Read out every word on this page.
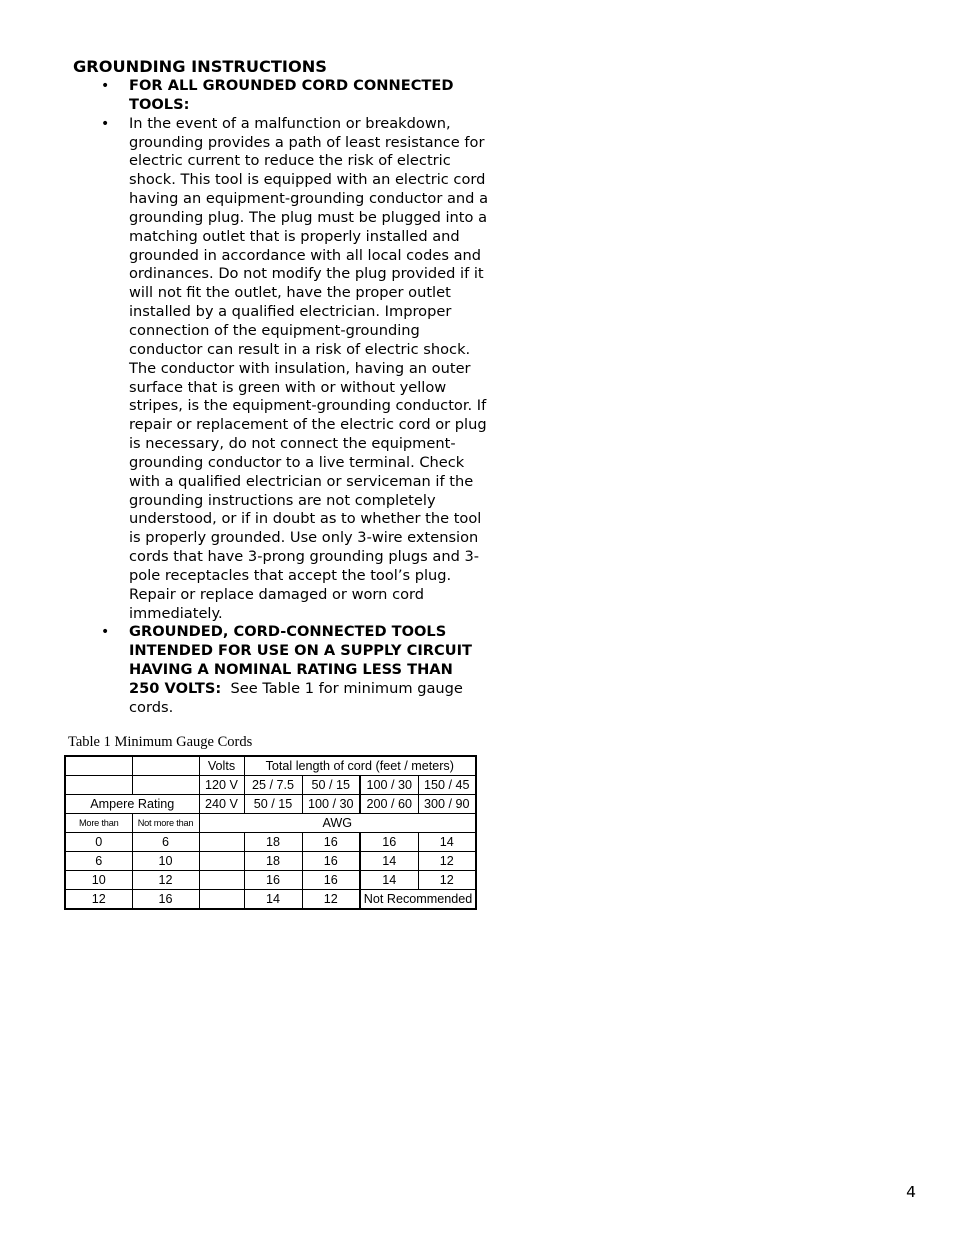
GROUNDING INSTRUCTIONS
• FOR ALL GROUNDED CORD CONNECTED
TOOLS:
• In the event of a malfunction or breakdown,
grounding provides a path of least resistance for
electric current to reduce the risk of electric
shock. This tool is equipped with an electric cord
having an equipment-grounding conductor and a
grounding plug. The plug must be plugged into a
matching outlet that is properly installed and
grounded in accordance with all local codes and
ordinances. Do not modify the plug provided if it
will not fit the outlet, have the proper outlet
installed by a qualified electrician. Improper
connection of the equipment-grounding
conductor can result in a risk of electric shock.
The conductor with insulation, having an outer
surface that is green with or without yellow
stripes, is the equipment-grounding conductor. If
repair or replacement of the electric cord or plug
is necessary, do not connect the equipment-
grounding conductor to a live terminal. Check
with a qualified electrician or serviceman if the
grounding instructions are not completely
understood, or if in doubt as to whether the tool
is properly grounded. Use only 3-wire extension
cords that have 3-prong grounding plugs and 3-
pole receptacles that accept the tool’s plug.
Repair or replace damaged or worn cord
immediately.
• GROUNDED, CORD-CONNECTED TOOLS
INTENDED FOR USE ON A SUPPLY CIRCUIT
HAVING A NOMINAL RATING LESS THAN
250 VOLTS: See Table 1 for minimum gauge
cords.
Table 1 Minimum Gauge Cords
		Volts	Total length of cord (feet / meters)			
		120 V	25 / 7.5	50 / 15	100 / 30	150 / 45
Ampere Rating		240 V	50 / 15	100 / 30	200 / 60	300 / 90
More than	Not more than	AWG				
0	6		18	16	16	14
6	10		18	16	14	12
10	12		16	16	14	12
12	16		14	12	Not Recommended	
4
